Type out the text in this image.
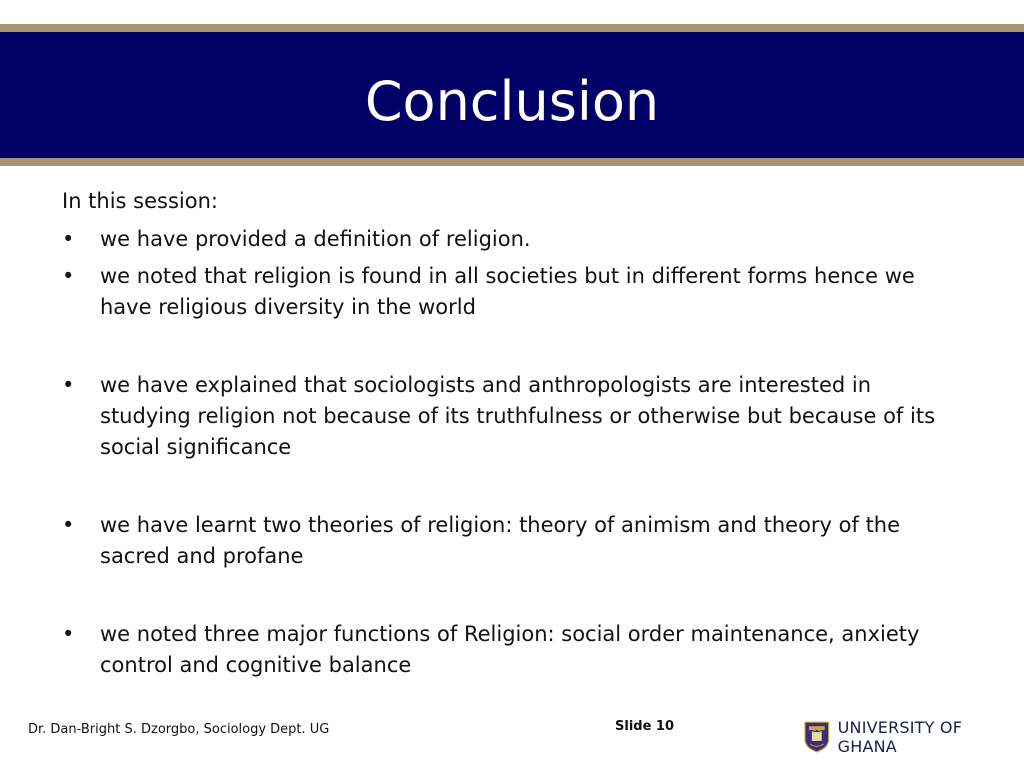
Conclusion

In this session:

• we have provided a definition of religion.
• we noted that religion is found in all societies but in different forms hence we have religious diversity in the world
• we have explained that sociologists and anthropologists are interested in studying religion not because of its truthfulness or otherwise but because of its social significance
• we have learnt two theories of religion: theory of animism and theory of the sacred and profane
• we noted three major functions of Religion: social order maintenance, anxiety control and cognitive balance
Dr. Dan-Bright S. Dzorgbo, Sociology Dept. UG	Slide 10	UNIVERSITY OF GHANA
